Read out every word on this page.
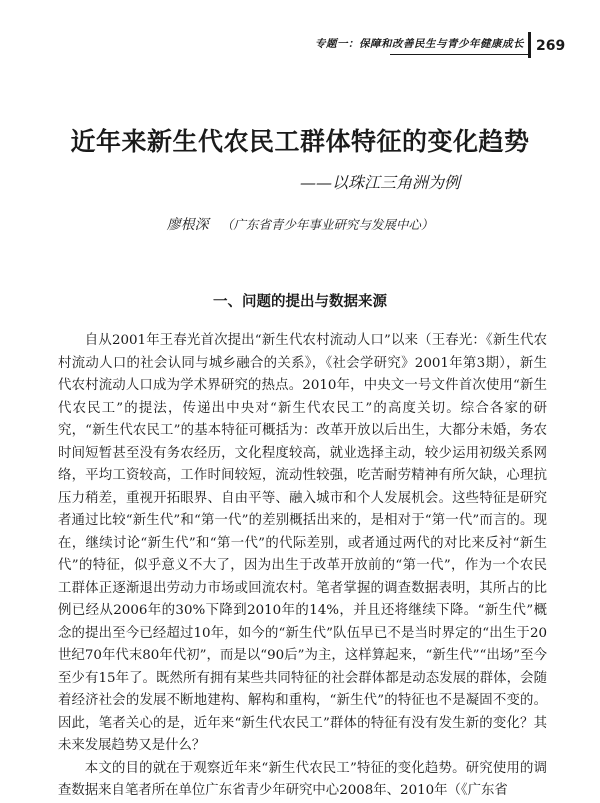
专题一：保障和改善民生与青少年健康成长 269
近年来新生代农民工群体特征的变化趋势
——以珠江三角洲为例
廖根深 （广东省青少年事业研究与发展中心）
一、问题的提出与数据来源

自从2001年王春光首次提出“新生代农村流动人口”以来（王春光：《新生代农村流动人口的社会认同与城乡融合的关系》，《社会学研究》2001年第3期），新生代农村流动人口成为学术界研究的热点。2010年，中央文一号文件首次使用“新生代农民工”的提法，传递出中央对“新生代农民工”的高度关切。综合各家的研究，“新生代农民工”的基本特征可概括为：改革开放以后出生，大都分未婚，务农时间短暂甚至没有务农经历，文化程度较高，就业选择主动，较少运用初级关系网络，平均工资较高，工作时间较短，流动性较强，吃苦耐劳精神有所欠缺，心理抗压力稍差，重视开拓眼界、自由平等、融入城市和个人发展机会。这些特征是研究者通过比较“新生代”和“第一代”的差别概括出来的，是相对于“第一代”而言的。现在，继续讨论“新生代”和“第一代”的代际差别，或者通过两代的对比来反衬“新生代”的特征，似乎意义不大了，因为出生于改革开放前的“第一代”，作为一个农民工群体正逐渐退出劳动力市场或回流农村。笔者掌握的调查数据表明，其所占的比例已经从2006年的30%下降到2010年的14%，并且还将继续下降。“新生代”概念的提出至今已经超过10年，如今的“新生代”队伍早已不是当时界定的“出生于20世纪70年代末80年代初”，而是以“90后”为主，这样算起来，“新生代”“出场”至今至少有15年了。既然所有拥有某些共同特征的社会群体都是动态发展的群体，会随着经济社会的发展不断地建构、解构和重构，“新生代”的特征也不是凝固不变的。因此，笔者关心的是，近年来“新生代农民工”群体的特征有没有发生新的变化？其未来发展趋势又是什么？

本文的目的就在于观察近年来“新生代农民工”特征的变化趋势。研究使用的调查数据来自笔者所在单位广东省青少年研究中心2008年、2010年（《广东省
